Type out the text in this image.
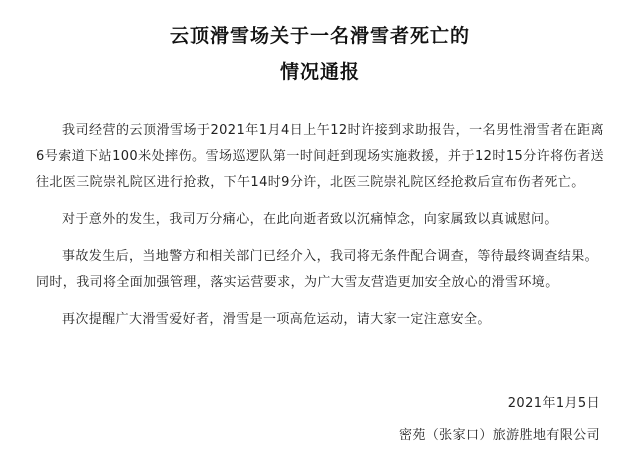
云顶滑雪场关于一名滑雪者死亡的
情况通报

我司经营的云顶滑雪场于2021年1月4日上午12时许接到求助报告，一名男性滑雪者在距离6号索道下站100米处摔伤。雪场巡逻队第一时间赶到现场实施救援，并于12时15分许将伤者送往北医三院崇礼院区进行抢救，下午14时9分许，北医三院崇礼院区经抢救后宣布伤者死亡。

对于意外的发生，我司万分痛心，在此向逝者致以沉痛悼念，向家属致以真诚慰问。

事故发生后，当地警方和相关部门已经介入，我司将无条件配合调查，等待最终调查结果。

同时，我司将全面加强管理，落实运营要求，为广大雪友营造更加安全放心的滑雪环境。

再次提醒广大滑雪爱好者，滑雪是一项高危运动，请大家一定注意安全。

2021年1月5日
密苑（张家口）旅游胜地有限公司
